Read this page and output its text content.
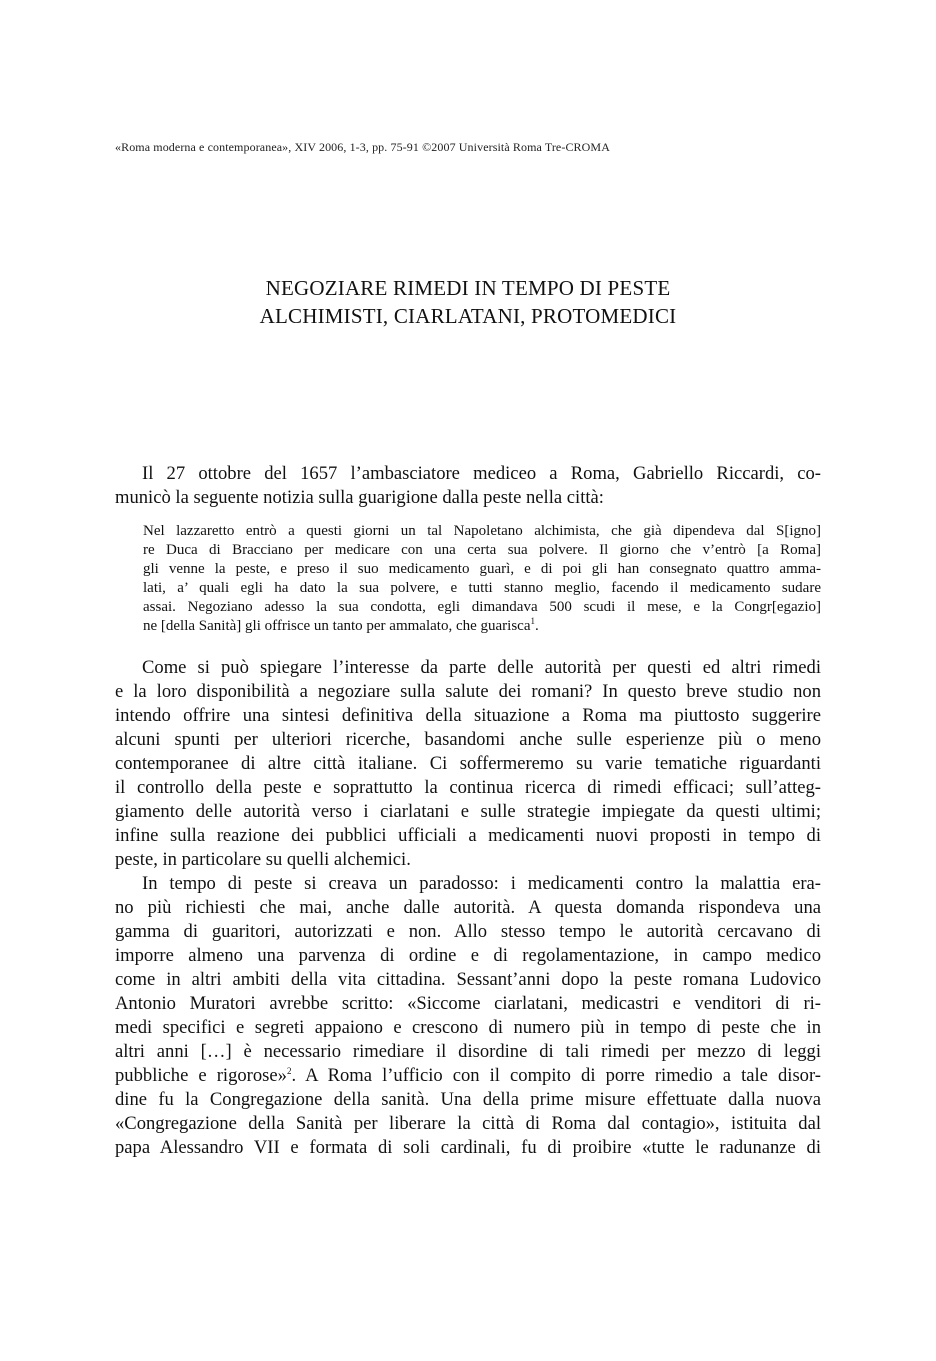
«Roma moderna e contemporanea», XIV 2006, 1-3, pp. 75-91 ©2007 Università Roma Tre-CROMA
NEGOZIARE RIMEDI IN TEMPO DI PESTE
ALCHIMISTI, CIARLATANI, PROTOMEDICI
Il 27 ottobre del 1657 l’ambasciatore mediceo a Roma, Gabriello Riccardi, co-
municò la seguente notizia sulla guarigione dalla peste nella città:
Nel lazzaretto entrò a questi giorni un tal Napoletano alchimista, che già dipendeva dal S[igno]
re Duca di Bracciano per medicare con una certa sua polvere. Il giorno che v’entrò [a Roma]
gli venne la peste, e preso il suo medicamento guarì, e di poi gli han consegnato quattro amma-
lati, a’ quali egli ha dato la sua polvere, e tutti stanno meglio, facendo il medicamento sudare
assai. Negoziano adesso la sua condotta, egli dimandava 500 scudi il mese, e la Congr[egazio]
ne [della Sanità] gli offrisce un tanto per ammalato, che guarisca$^1$.
Come si può spiegare l’interesse da parte delle autorità per questi ed altri rimedi
e la loro disponibilità a negoziare sulla salute dei romani? In questo breve studio non
intendo offrire una sintesi definitiva della situazione a Roma ma piuttosto suggerire
alcuni spunti per ulteriori ricerche, basandomi anche sulle esperienze più o meno
contemporanee di altre città italiane. Ci soffermeremo su varie tematiche riguardanti
il controllo della peste e soprattutto la continua ricerca di rimedi efficaci; sull’atteg-
giamento delle autorità verso i ciarlatani e sulle strategie impiegate da questi ultimi;
infine sulla reazione dei pubblici ufficiali a medicamenti nuovi proposti in tempo di
peste, in particolare su quelli alchemici.
In tempo di peste si creava un paradosso: i medicamenti contro la malattia era-
no più richiesti che mai, anche dalle autorità. A questa domanda rispondeva una
gamma di guaritori, autorizzati e non. Allo stesso tempo le autorità cercavano di
imporre almeno una parvenza di ordine e di regolamentazione, in campo medico
come in altri ambiti della vita cittadina. Sessant’anni dopo la peste romana Ludovico
Antonio Muratori avrebbe scritto: «Siccome ciarlatani, medicastri e venditori di ri-
medi specifici e segreti appaiono e crescono di numero più in tempo di peste che in
altri anni […] è necessario rimediare il disordine di tali rimedi per mezzo di leggi
pubbliche e rigorose»$^2$. A Roma l’ufficio con il compito di porre rimedio a tale disor-
dine fu la Congregazione della sanità. Una della prime misure effettuate dalla nuova
«Congregazione della Sanità per liberare la città di Roma dal contagio», istituita dal
papa Alessandro VII e formata di soli cardinali, fu di proibire «tutte le radunanze di
